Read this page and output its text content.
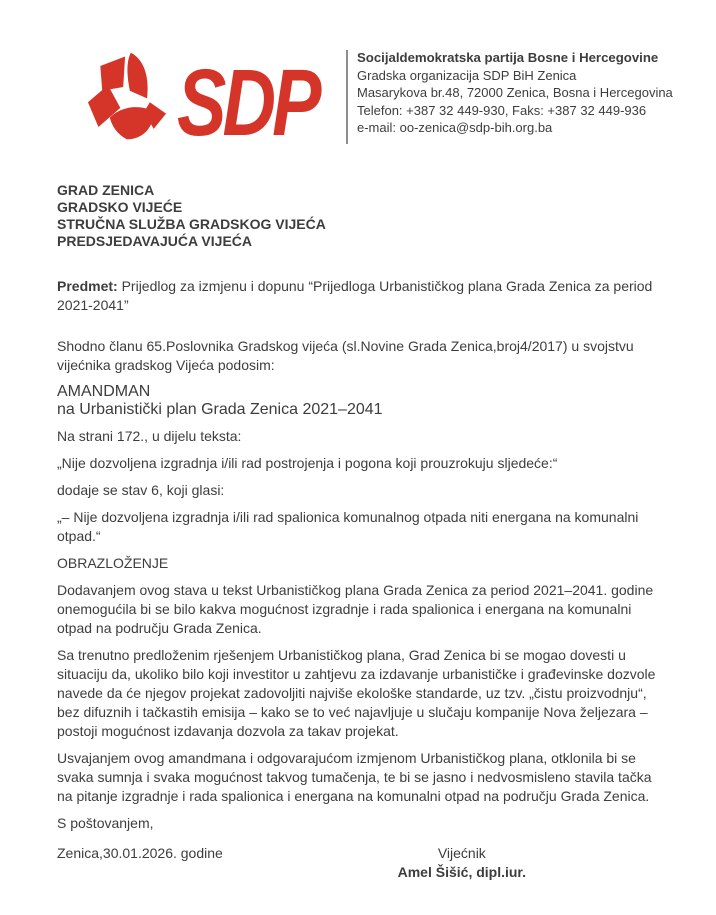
SDP	Socijaldemokratska partija Bosne i Hercegovine
Gradska organizacija SDP BiH Zenica
Masarykova br.48, 72000 Zenica, Bosna i Hercegovina
Telefon: +387 32 449-930, Faks: +387 32 449-936
e-mail: oo-zenica@sdp-bih.org.ba
GRAD ZENICA
GRADSKO VIJEĆE
STRUČNA SLUŽBA GRADSKOG VIJEĆA
PREDSJEDAVAJUĆA VIJEĆA

Predmet: Prijedlog za izmjenu i dopunu “Prijedloga Urbanističkog plana Grada Zenica za period 2021-2041”

Shodno članu 65.Poslovnika Gradskog vijeća (sl.Novine Grada Zenica,broj4/2017) u svojstvu vijećnika gradskog Vijeća podosim:

AMANDMAN
na Urbanistički plan Grada Zenica 2021–2041

Na strani 172., u dijelu teksta:

„Nije dozvoljena izgradnja i/ili rad postrojenja i pogona koji prouzrokuju sljedeće:“

dodaje se stav 6, koji glasi:

„– Nije dozvoljena izgradnja i/ili rad spalionica komunalnog otpada niti energana na komunalni otpad.“

OBRAZLOŽENJE

Dodavanjem ovog stava u tekst Urbanističkog plana Grada Zenica za period 2021–2041. godine onemogućila bi se bilo kakva mogućnost izgradnje i rada spalionica i energana na komunalni otpad na području Grada Zenica.

Sa trenutno predloženim rješenjem Urbanističkog plana, Grad Zenica bi se mogao dovesti u situaciju da, ukoliko bilo koji investitor u zahtjevu za izdavanje urbanističke i građevinske dozvole navede da će njegov projekat zadovoljiti najviše ekološke standarde, uz tzv. „čistu proizvodnju“, bez difuznih i tačkastih emisija – kako se to već najavljuje u slučaju kompanije Nova željezara – postoji mogućnost izdavanja dozvola za takav projekat.

Usvajanjem ovog amandmana i odgovarajućom izmjenom Urbanističkog plana, otklonila bi se svaka sumnja i svaka mogućnost takvog tumačenja, te bi se jasno i nedvosmisleno stavila tačka na pitanje izgradnje i rada spalionica i energana na komunalni otpad na području Grada Zenica.

S poštovanjem,

Zenica,30.01.2026. godine	Vijećnik
Amel Šišić, dipl.iur.
